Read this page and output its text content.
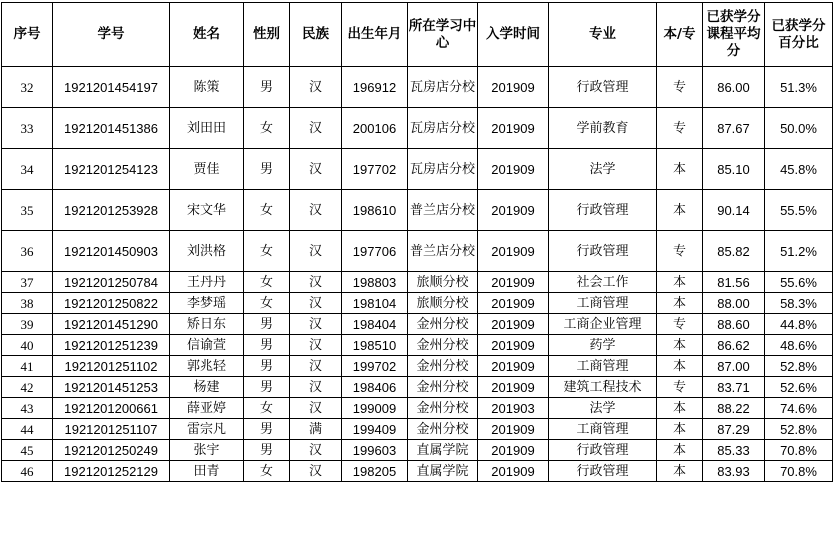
序号	学号	姓名	性别	民族	出生年月	所在学习中心	入学时间	专业	本/专	已获学分课程平均分	已获学分百分比
32	1921201454197	陈策	男	汉	196912	瓦房店分校	201909	行政管理	专	86.00	51.3%
33	1921201451386	刘田田	女	汉	200106	瓦房店分校	201909	学前教育	专	87.67	50.0%
34	1921201254123	贾佳	男	汉	197702	瓦房店分校	201909	法学	本	85.10	45.8%
35	1921201253928	宋文华	女	汉	198610	普兰店分校	201909	行政管理	本	90.14	55.5%
36	1921201450903	刘洪格	女	汉	197706	普兰店分校	201909	行政管理	专	85.82	51.2%
37	1921201250784	王丹丹	女	汉	198803	旅顺分校	201909	社会工作	本	81.56	55.6%
38	1921201250822	李梦瑶	女	汉	198104	旅顺分校	201909	工商管理	本	88.00	58.3%
39	1921201451290	矫日东	男	汉	198404	金州分校	201909	工商企业管理	专	88.60	44.8%
40	1921201251239	信谕萱	男	汉	198510	金州分校	201909	药学	本	86.62	48.6%
41	1921201251102	郭兆轻	男	汉	199702	金州分校	201909	工商管理	本	87.00	52.8%
42	1921201451253	杨建	男	汉	198406	金州分校	201909	建筑工程技术	专	83.71	52.6%
43	1921201200661	薛亚婷	女	汉	199009	金州分校	201903	法学	本	88.22	74.6%
44	1921201251107	雷宗凡	男	满	199409	金州分校	201909	工商管理	本	87.29	52.8%
45	1921201250249	张宇	男	汉	199603	直属学院	201909	行政管理	本	85.33	70.8%
46	1921201252129	田青	女	汉	198205	直属学院	201909	行政管理	本	83.93	70.8%
